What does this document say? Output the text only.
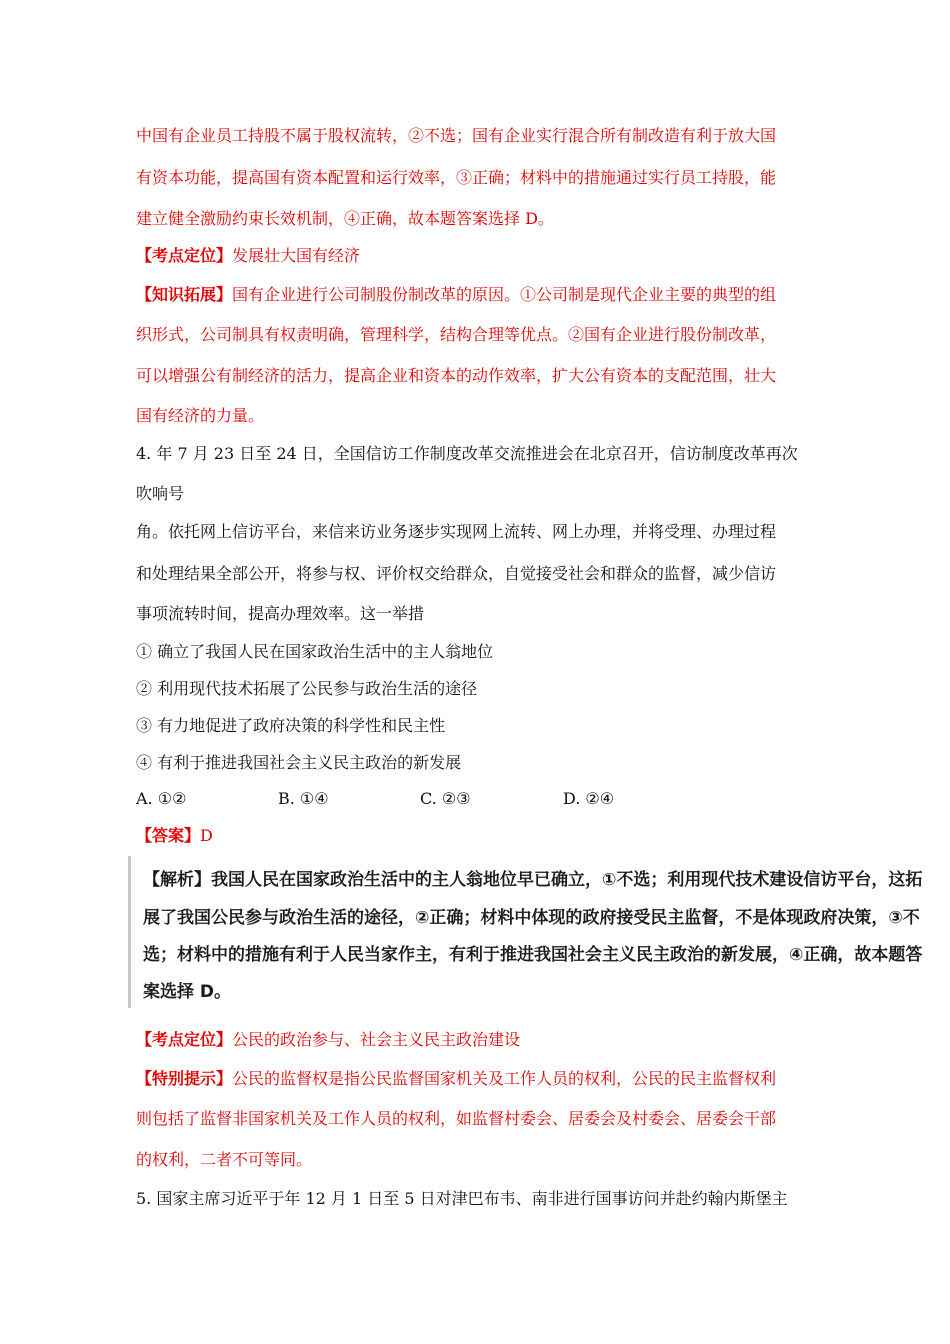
中国有企业员工持股不属于股权流转，②不选；国有企业实行混合所有制改造有利于放大国
有资本功能，提高国有资本配置和运行效率，③正确；材料中的措施通过实行员工持股，能
建立健全激励约束长效机制，④正确，故本题答案选择 D。
【考点定位】发展壮大国有经济
【知识拓展】国有企业进行公司制股份制改革的原因。①公司制是现代企业主要的典型的组
织形式，公司制具有权责明确，管理科学，结构合理等优点。②国有企业进行股份制改革，
可以增强公有制经济的活力，提高企业和资本的动作效率，扩大公有资本的支配范围，壮大
国有经济的力量。
4. 年 7 月 23 日至 24 日，全国信访工作制度改革交流推进会在北京召开，信访制度改革再次
吹响号
角。依托网上信访平台，来信来访业务逐步实现网上流转、网上办理，并将受理、办理过程
和处理结果全部公开，将参与权、评价权交给群众，自觉接受社会和群众的监督，减少信访
事项流转时间，提高办理效率。这一举措
① 确立了我国人民在国家政治生活中的主人翁地位
② 利用现代技术拓展了公民参与政治生活的途径
③ 有力地促进了政府决策的科学性和民主性
④ 有利于推进我国社会主义民主政治的新发展
A. ①②	B. ①④	C. ②③	D. ②④
【答案】D
【解析】我国人民在国家政治生活中的主人翁地位早已确立，①不选；利用现代技术建设信访平台，这拓
展了我国公民参与政治生活的途径，②正确；材料中体现的政府接受民主监督，不是体现政府决策，③不
选；材料中的措施有利于人民当家作主，有利于推进我国社会主义民主政治的新发展，④正确，故本题答
案选择 D。
【考点定位】公民的政治参与、社会主义民主政治建设
【特别提示】公民的监督权是指公民监督国家机关及工作人员的权利，公民的民主监督权利
则包括了监督非国家机关及工作人员的权利，如监督村委会、居委会及村委会、居委会干部
的权利，二者不可等同。
5. 国家主席习近平于年 12 月 1 日至 5 日对津巴布韦、南非进行国事访问并赴约翰内斯堡主
